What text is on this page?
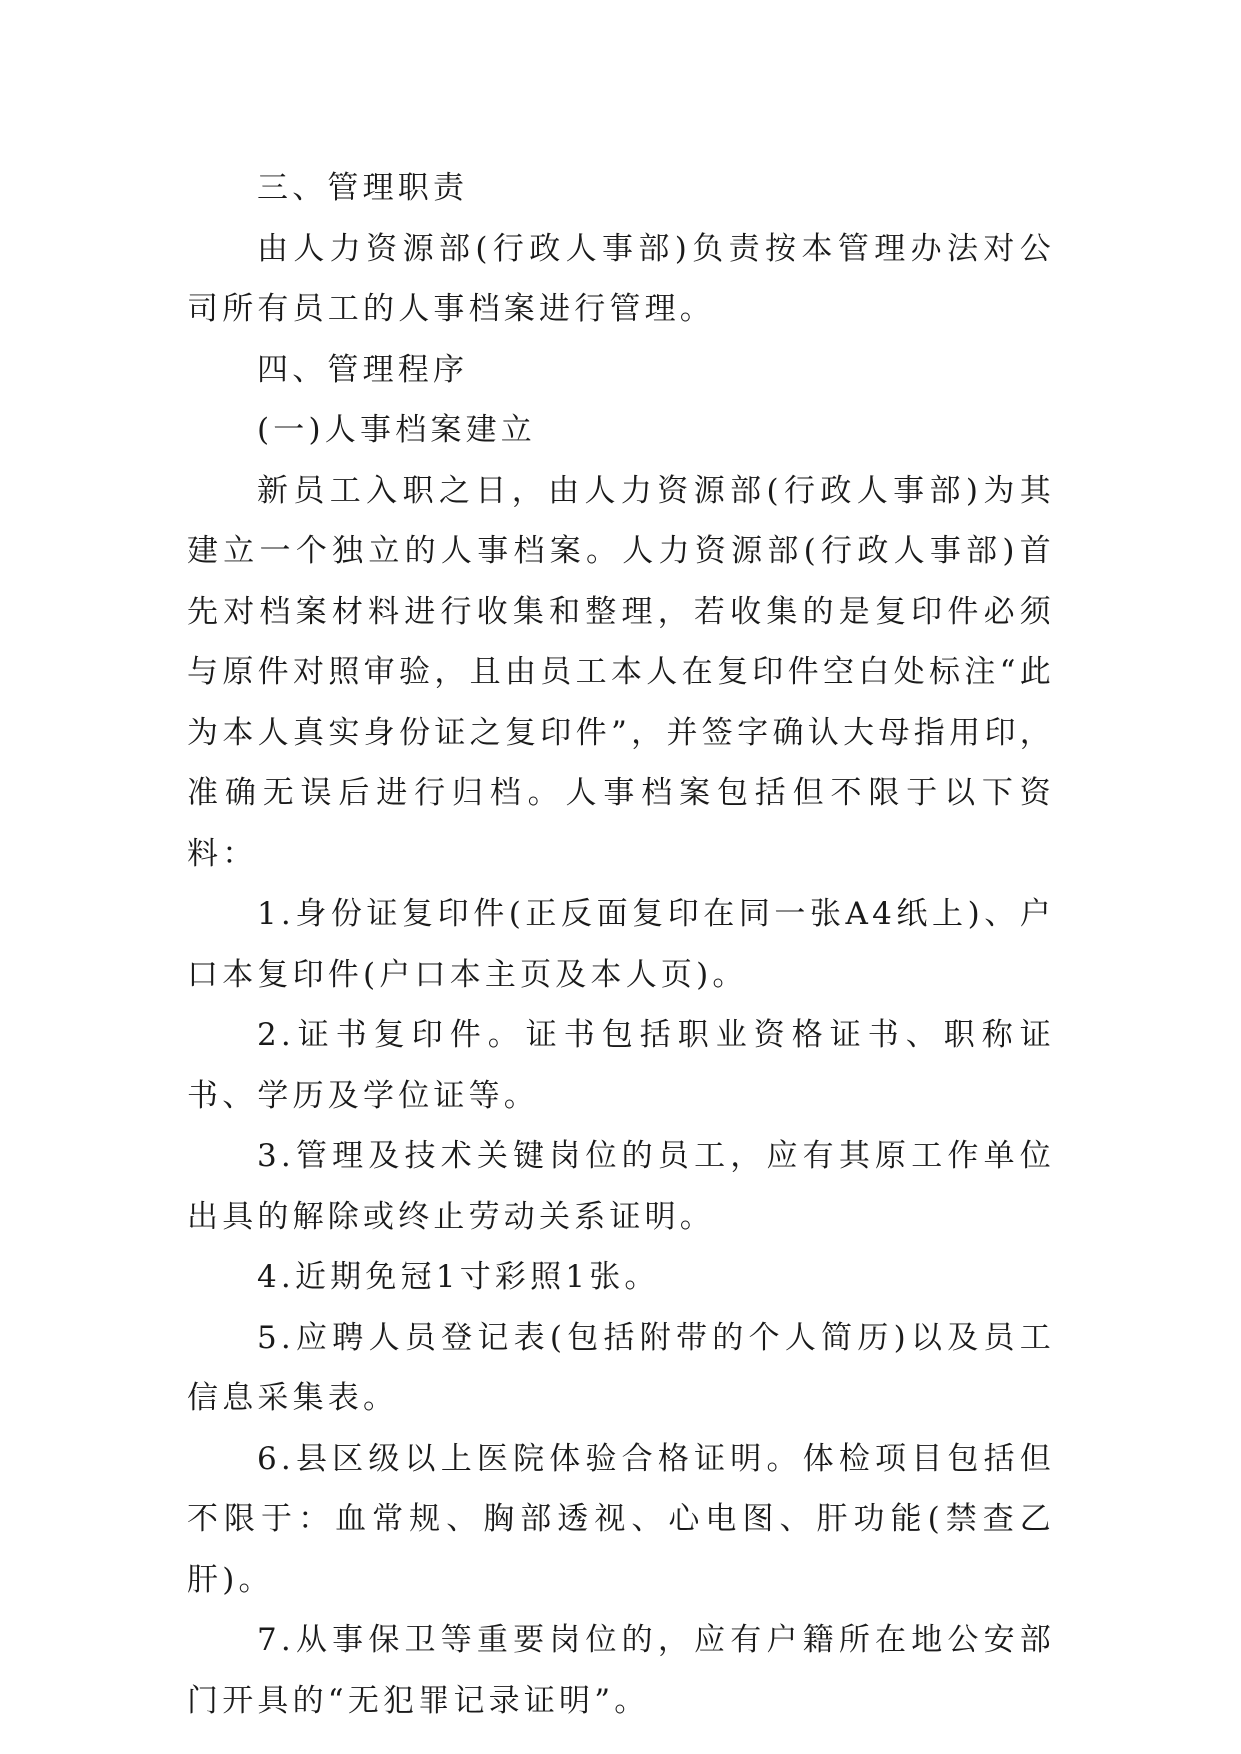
三、管理职责

由人力资源部(行政人事部)负责按本管理办法对公司所有员工的人事档案进行管理。

四、管理程序

(一)人事档案建立

新员工入职之日，由人力资源部(行政人事部)为其建立一个独立的人事档案。人力资源部(行政人事部)首先对档案材料进行收集和整理，若收集的是复印件必须与原件对照审验，且由员工本人在复印件空白处标注“此为本人真实身份证之复印件”，并签字确认大母指用印，准确无误后进行归档。人事档案包括但不限于以下资料：

1.身份证复印件(正反面复印在同一张A4纸上)、户口本复印件(户口本主页及本人页)。

2.证书复印件。证书包括职业资格证书、职称证书、学历及学位证等。

3.管理及技术关键岗位的员工，应有其原工作单位出具的解除或终止劳动关系证明。

4.近期免冠1寸彩照1张。

5.应聘人员登记表(包括附带的个人简历)以及员工信息采集表。

6.县区级以上医院体验合格证明。体检项目包括但不限于：血常规、胸部透视、心电图、肝功能(禁查乙肝)。

7.从事保卫等重要岗位的，应有户籍所在地公安部门开具的“无犯罪记录证明”。
